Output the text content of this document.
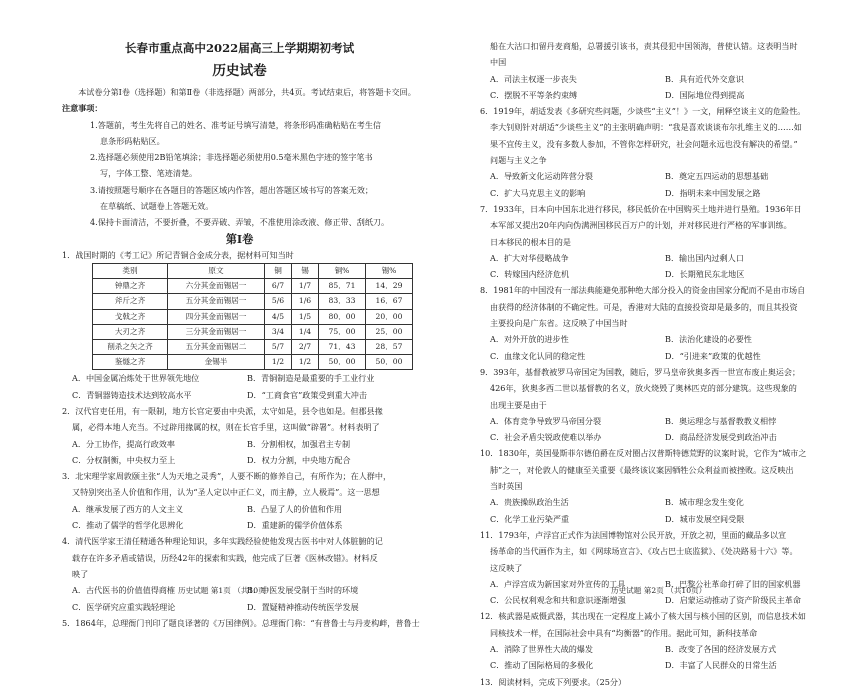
长春市重点高中2022届高三上学期期初考试
历史试卷
本试卷分第Ⅰ卷（选择题）和第Ⅱ卷（非选择题）两部分，共4页。考试结束后，将答题卡交回。
注意事项：
1.答题前，考生先将自己的姓名、准考证号填写清楚，将条形码准确粘贴在考生信
息条形码粘贴区。
2.选择题必须使用2B铅笔填涂；非选择题必须使用0.5毫米黑色字迹的签字笔书
写，字体工整、笔迹清楚。
3.请按照题号顺序在各题目的答题区域内作答，超出答题区域书写的答案无效；
在草稿纸、试题卷上答题无效。
4.保持卡面清洁，不要折叠，不要弄破、弄皱，不准使用涂改液、修正带、刮纸刀。
第Ⅰ卷
1．战国时期的《考工记》所记青铜合金成分表，据材料可知当时
类别	原文	铜	锡	铜%	锡%
钟鼎之齐	六分其金而锡居一	6/7	1/7	85．71	14．29
斧斤之齐	五分其金而锡居一	5/6	1/6	83．33	16．67
戈戟之齐	四分其金而锡居一	4/5	1/5	80．00	20．00
大刃之齐	三分其金而锡居一	3/4	1/4	75．00	25．00
削杀之矢之齐	五分其金而锡居二	5/7	2/7	71．43	28．57
鉴燧之齐	金锡半	1/2	1/2	50．00	50．00
A．中国金属冶炼处于世界领先地位	B．青铜制造是最重要的手工业行业
C．青铜器铸造技术达到较高水平	D．“工商食官”政策受到重大冲击
2．汉代官吏任用，有一限制，地方长官定要由中央派，太守如是，县令也如是。但郡县掾
属，必得本地人充当。不过辟用掾属的权，则在长官手里，这叫做“辟署”。材料表明了
A．分工协作，提高行政效率	B．分割相权，加强君主专制
C．分权制衡，中央权力至上	D．权力分割，中央地方配合
3．北宋理学家周敦颐主张“人为天地之灵秀”，人要不断的修养自己，有所作为；在人群中，
又特别突出圣人价值和作用，认为“圣人定以中正仁义，而主静，立人极焉”。这一思想
A．继承发展了西方的人文主义	B．凸显了人的价值和作用
C．推动了儒学的哲学化思辨化	D．重建新的儒学价值体系
4．清代医学家王清任精通各种理论知识，多年实践经验使他发现古医书中对人体脏腑的记
载存在许多矛盾或错误，历经42年的探索和实践，他完成了巨著《医林改错》。材料反
映了
A．古代医书的价值值得商榷	B．中医发展受制于当时的环境
C．医学研究应重实践轻理论	D．置疑精神推动传统医学发展
5．1864年，总理衙门刊印了题良译著的《万国律例》。总理衙门称：“有普鲁士与丹麦构衅，普鲁士
船在大沽口扣留丹麦商船，总署援引该书，责其侵犯中国领海，普使认错。这表明当时
中国
A．司法主权逐一步丧失	B．具有近代外交意识
C．摆脱不平等条约束缚	D．国际地位得到提高
6．1919年，胡适发表《多研究些问题，少谈些“主义”！》一文，闸释空谈主义的危险性。
李大钊则针对胡适“少谈些主义”的主张明确声明：“我是喜欢谈谈布尔扎维主义的……如
果不宜传主义，没有多数人参加，不管你怎样研究，社会问题永远也没有解决的希望。”
问题与主义之争
A．导致新文化运动阵营分裂	B．奠定五四运动的思想基础
C．扩大马克思主义的影响	D．指明未来中国发展之路
7．1933年，日本向中国东北进行移民，移民低价在中国购买土地并进行垦殖。1936年日
本军部又提出20年内向伪满洲国移民百万户的计划，并对移民进行严格的军事训练。
日本移民的根本目的是
A．扩大对华侵略战争	B．输出国内过剩人口
C．转嫁国内经济危机	D．长期殖民东北地区
8．1981年的中国没有一部法典能避免那种绝大部分投入的资金由国家分配而不是由市场自
由获得的经济体制的不确定性。可是，香港对大陆的直接投资却是最多的，而且其投资
主要投向是广东省。这反映了中国当时
A．对外开放的进步性	B．法治化建设的必要性
C．血缘文化认同的稳定性	D．“引进来”政策的优越性
9．393年，基督教被罗马帝国定为国教，随后，罗马皇帝狄奥多西一世宣布废止奥运会；
426年，狄奥多西二世以基督教的名义，放火烧毁了奥林匹克的部分建筑。这些现象的
出现主要是由于
A．体育竞争导致罗马帝国分裂	B．奥运理念与基督教教义相悖
C．社会矛盾尖锐政使难以举办	D．商品经济发展受到政治冲击
10．1830年，英国曼斯菲尔德伯爵在反对圈占汉普斯特德荒野的议案时说，它作为“城市之
肺”之一，对伦敦人的健康至关重要《最终该议案因牺牲公众利益而被挫败。这反映出
当时英国
A．贵族操纵政治生活	B．城市理念发生变化
C．化学工业污染严重	D．城市发展空间受限
11．1793年，卢浮宫正式作为法国博物馆对公民开放，开放之初，里面的藏品多以宣
扬革命的当代画作为主，如《网球场宣言》、《攻占巴士底监狱》、《处决路易十六》等。
这反映了
A．卢浮宫成为新国家对外宣传的工具	B．巴黎公社革命打碎了旧的国家机器
C．公民权利观念和共和意识逐渐增强	D．启蒙运动推动了资产阶级民主革命
12．核武器是威慑武器，其出现在一定程度上减小了核大国与核小国的区别，而信息技术如
同核技术一样，在国际社会中具有“均衡器”的作用。据此可知，新科技革命
A．消除了世界性大战的爆发	B．改变了各国的经济发展方式
C．推动了国际格局的多极化	D．丰富了人民群众的日常生活
13．阅读材料，完成下列要求。（25分）
历史试题 第1页 （共10页）	历史试题 第2页 （共10页）
